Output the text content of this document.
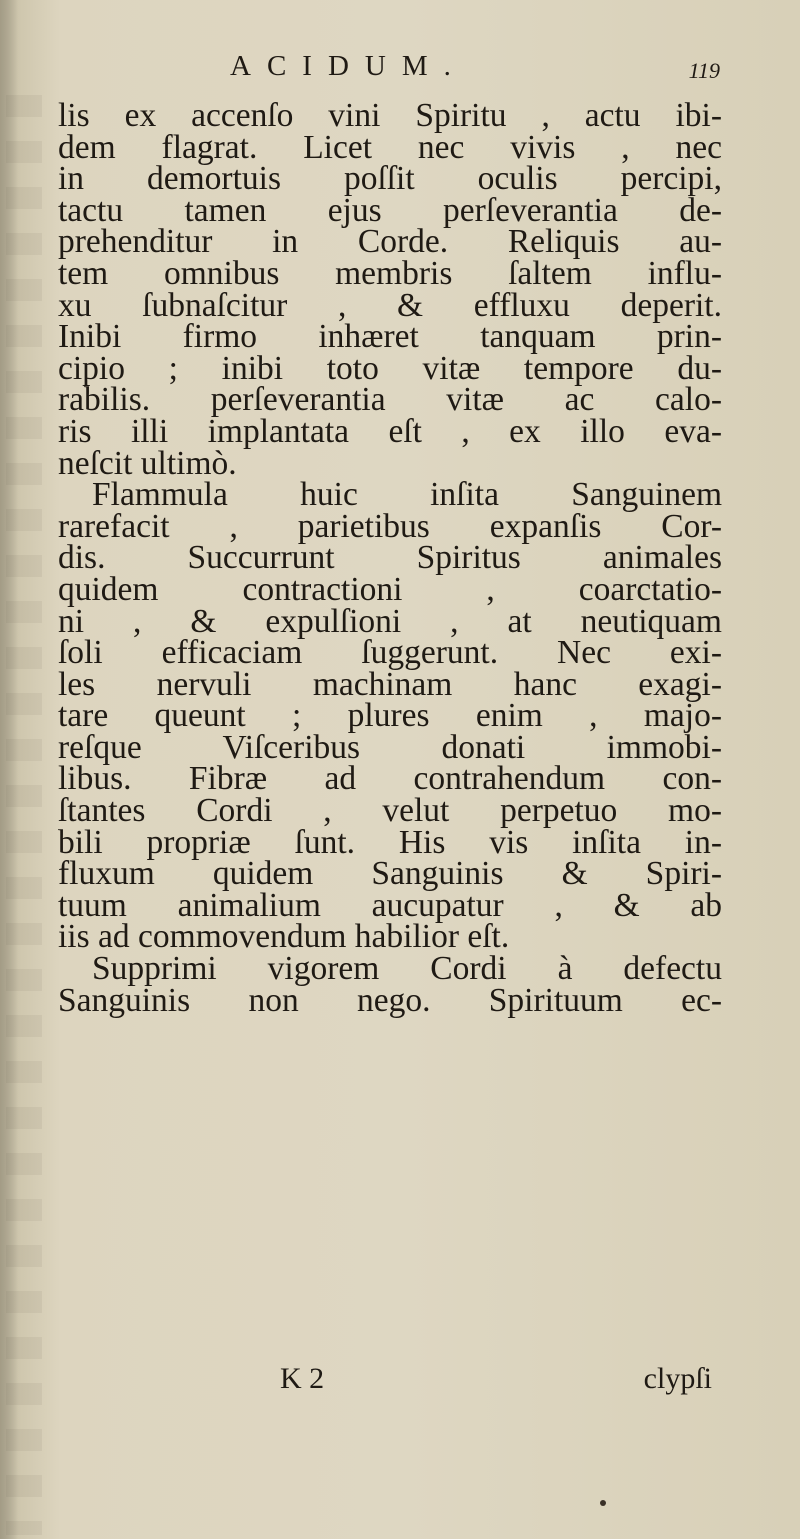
ACIDUM.	119
lis ex accenſo vini Spiritu , actu ibi-
dem flagrat. Licet nec vivis , nec
in demortuis poſſit oculis percipi,
tactu tamen ejus perſeverantia de-
prehenditur in Corde. Reliquis au-
tem omnibus membris ſaltem influ-
xu ſubnaſcitur , & effluxu deperit.
Inibi firmo inhæret tanquam prin-
cipio ; inibi toto vitæ tempore du-
rabilis. perſeverantia vitæ ac calo-
ris illi implantata eſt , ex illo eva-
neſcit ultimò.
Flammula huic inſita Sanguinem
rarefacit , parietibus expanſis Cor-
dis. Succurrunt Spiritus animales
quidem contractioni , coarctatio-
ni , & expulſioni , at neutiquam
ſoli efficaciam ſuggerunt. Nec exi-
les nervuli machinam hanc exagi-
tare queunt ; plures enim , majo-
reſque Viſceribus donati immobi-
libus. Fibræ ad contrahendum con-
ſtantes Cordi , velut perpetuo mo-
bili propriæ ſunt. His vis inſita in-
fluxum quidem Sanguinis & Spiri-
tuum animalium aucupatur , & ab
iis ad commovendum habilior eſt.
Supprimi vigorem Cordi à defectu
Sanguinis non nego. Spirituum ec-
K 2	clypſi
